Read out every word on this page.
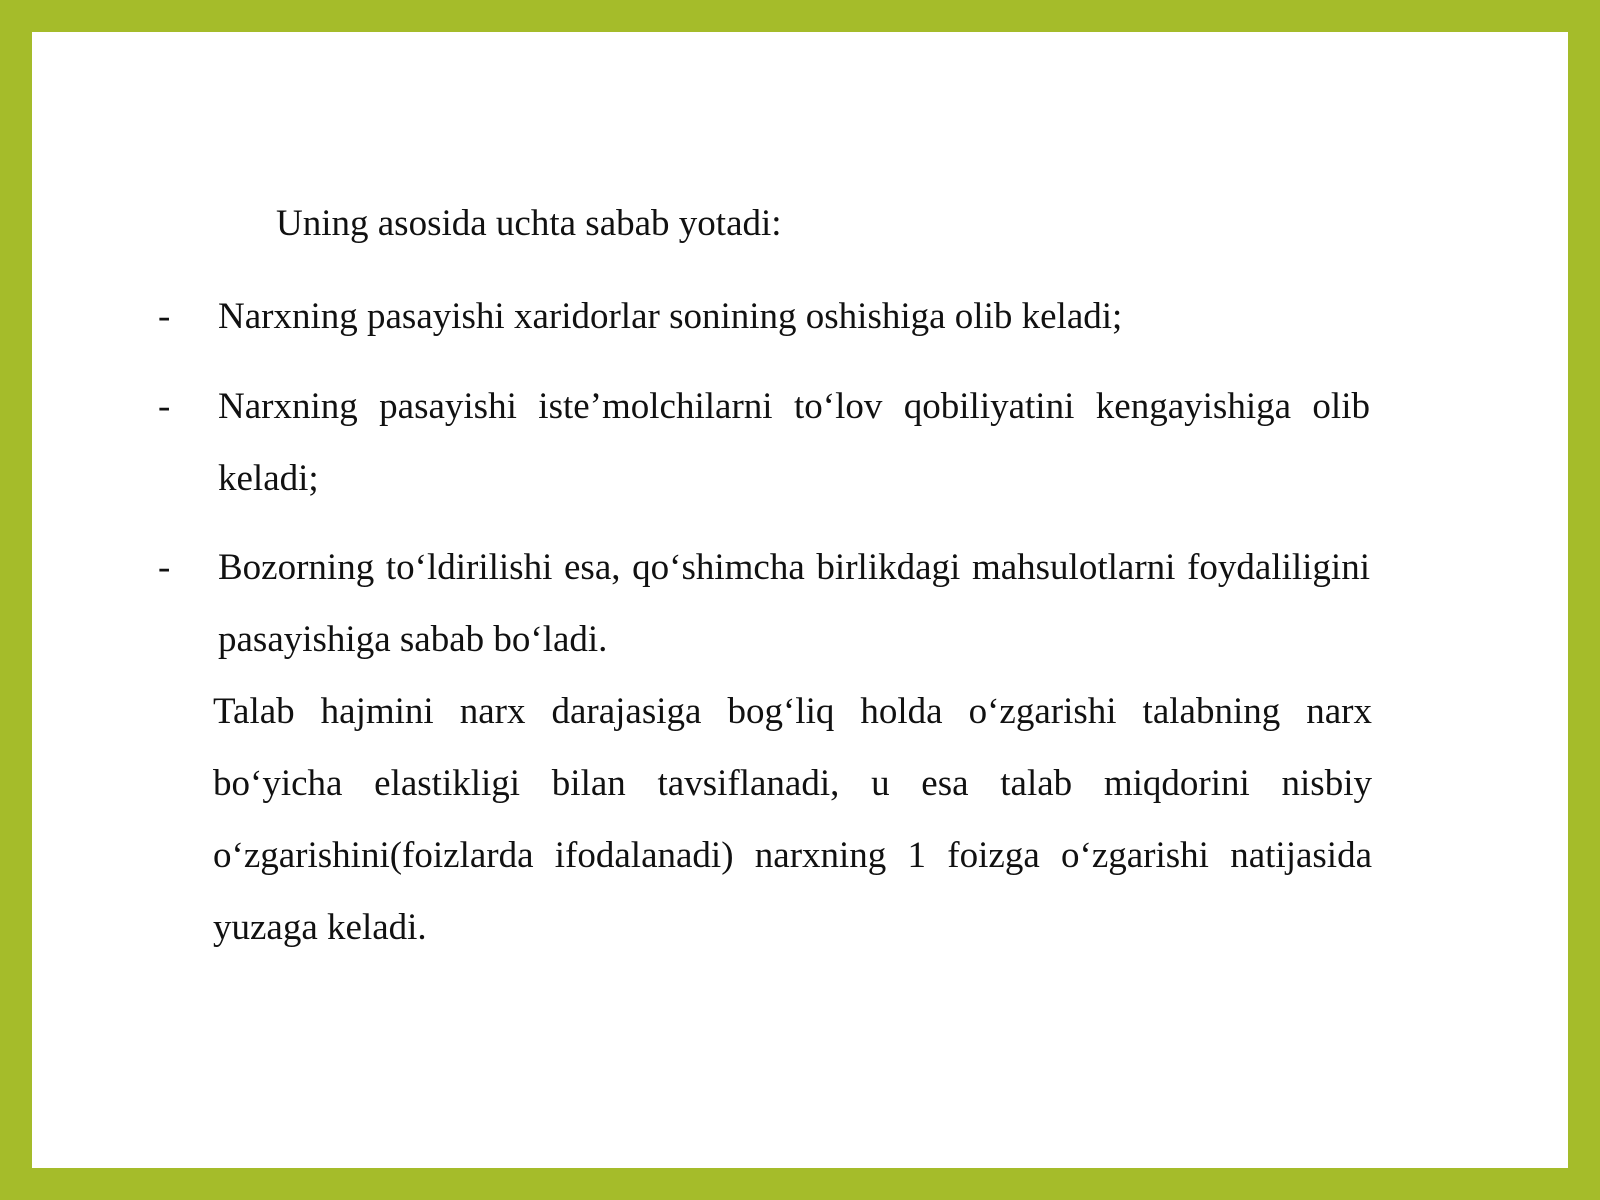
Uning asosida uchta sabab yotadi:
-	Narxning pasayishi xaridorlar sonining oshishiga olib keladi;
-	Narxning pasayishi iste’molchilarni to‘lov qobiliyatini kengayishiga olib keladi;
-	Bozorning to‘ldirilishi esa, qo‘shimcha birlikdagi mahsulotlarni foydaliligini pasayishiga sabab bo‘ladi.
Talab hajmini narx darajasiga bog‘liq holda o‘zgarishi talabning narx bo‘yicha elastikligi bilan tavsiflanadi, u esa talab miqdorini nisbiy o‘zgarishini(foizlarda ifodalanadi) narxning 1 foizga o‘zgarishi natijasida yuzaga keladi.
